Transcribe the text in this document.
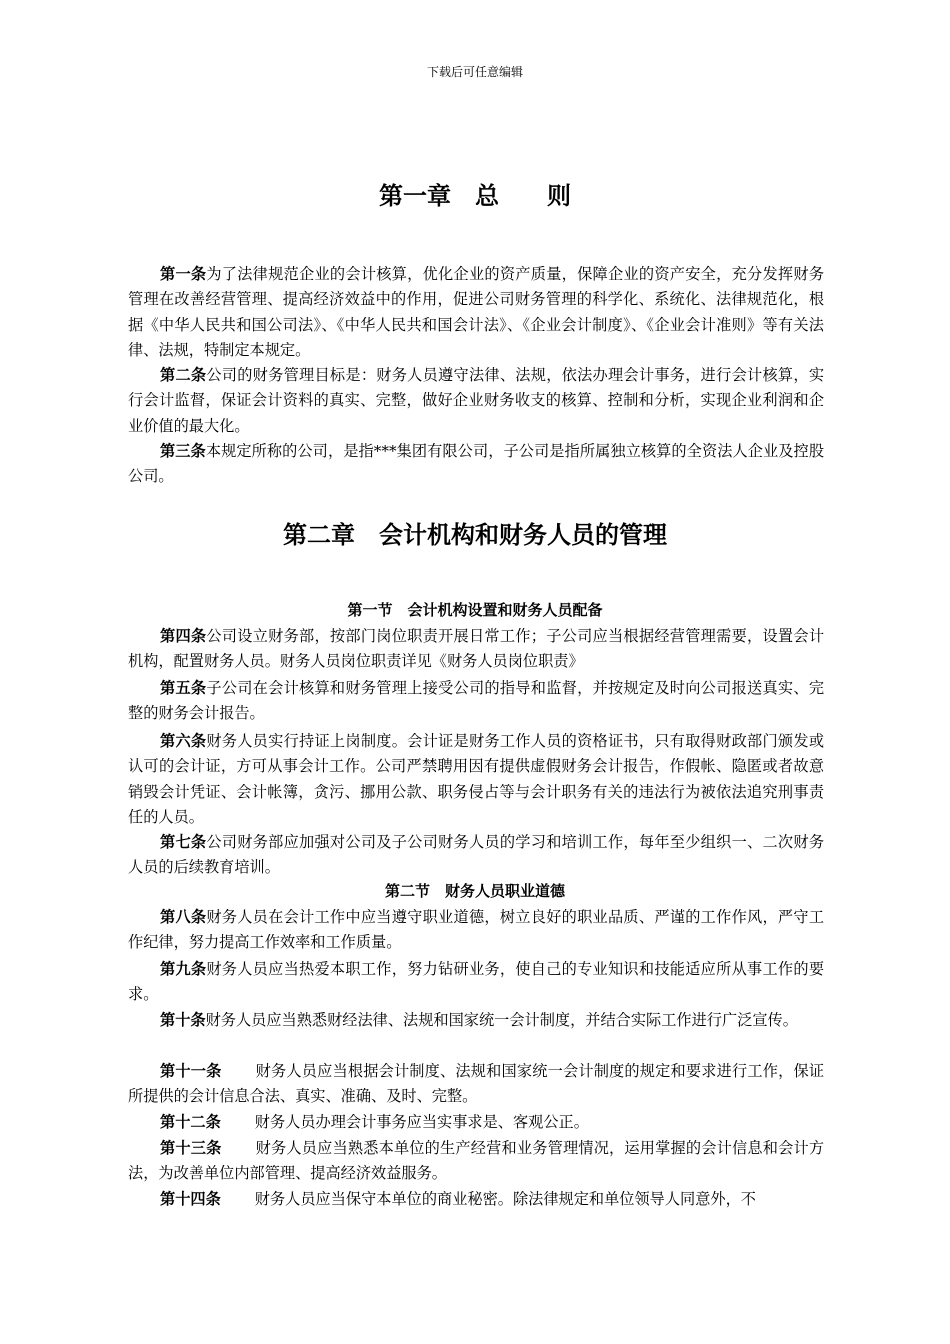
下载后可任意编辑
第一章　总　　则

第一条为了法律规范企业的会计核算，优化企业的资产质量，保障企业的资产安全，充分发挥财务管理在改善经营管理、提高经济效益中的作用，促进公司财务管理的科学化、系统化、法律规范化，根据《中华人民共和国公司法》、《中华人民共和国会计法》、《企业会计制度》、《企业会计准则》等有关法律、法规，特制定本规定。

第二条公司的财务管理目标是：财务人员遵守法律、法规，依法办理会计事务，进行会计核算，实行会计监督，保证会计资料的真实、完整，做好企业财务收支的核算、控制和分析，实现企业利润和企业价值的最大化。

第三条本规定所称的公司，是指***集团有限公司，子公司是指所属独立核算的全资法人企业及控股公司。

第二章　会计机构和财务人员的管理
第一节　会计机构设置和财务人员配备

第四条公司设立财务部，按部门岗位职责开展日常工作；子公司应当根据经营管理需要，设置会计机构，配置财务人员。财务人员岗位职责详见《财务人员岗位职责》

第五条子公司在会计核算和财务管理上接受公司的指导和监督，并按规定及时向公司报送真实、完整的财务会计报告。

第六条财务人员实行持证上岗制度。会计证是财务工作人员的资格证书，只有取得财政部门颁发或认可的会计证，方可从事会计工作。公司严禁聘用因有提供虚假财务会计报告，作假帐、隐匿或者故意销毁会计凭证、会计帐簿，贪污、挪用公款、职务侵占等与会计职务有关的违法行为被依法追究刑事责任的人员。

第七条公司财务部应加强对公司及子公司财务人员的学习和培训工作，每年至少组织一、二次财务人员的后续教育培训。

第二节　财务人员职业道德

第八条财务人员在会计工作中应当遵守职业道德，树立良好的职业品质、严谨的工作作风，严守工作纪律，努力提高工作效率和工作质量。

第九条财务人员应当热爱本职工作，努力钻研业务，使自己的专业知识和技能适应所从事工作的要求。

第十条财务人员应当熟悉财经法律、法规和国家统一会计制度，并结合实际工作进行广泛宣传。

第十一条 财务人员应当根据会计制度、法规和国家统一会计制度的规定和要求进行工作，保证所提供的会计信息合法、真实、准确、及时、完整。

第十二条 财务人员办理会计事务应当实事求是、客观公正。

第十三条 财务人员应当熟悉本单位的生产经营和业务管理情况，运用掌握的会计信息和会计方法，为改善单位内部管理、提高经济效益服务。

第十四条 财务人员应当保守本单位的商业秘密。除法律规定和单位领导人同意外，不
